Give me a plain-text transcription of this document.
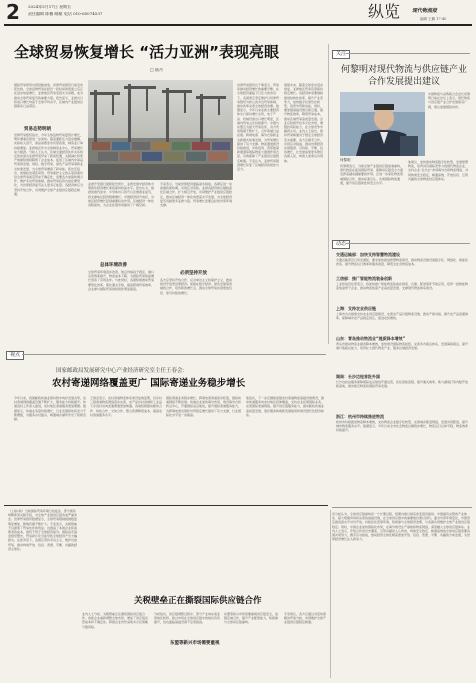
2 2024年5月17日 星期五
责任编辑 陈楠 邮箱 电话 010-65074537	纵览 现代物流报
编辑 王鹏 17:40
全球贸易恢复增长 “活力亚洲”表现亮眼
□ 陆丹
国际贸易形势出现回暖迹象。世界贸易组织日前发布报告称，全球货物贸易在经历一段时间的低迷之后正在逐步恢复增长，亚洲地区贸易表现尤为亮眼，成为推动全球贸易复苏的重要力量。报告显示，亚洲出口和进口增长均高于全球平均水平，区域内产业链供应链联系日益紧密。
贸易态势明朗
世界贸易组织指出，今年全球货物贸易量预计增长，明年增速有望进一步加快。随着通胀压力逐步缓解，实际收入回升，商品消费需求有望改善，制造业订单持续增加。亚洲地区作为全球制造业中心，贸易增长动力强劲。分析人士认为，区域全面经济伙伴关系协定的实施为亚洲贸易带来了新的机遇，关税减让和原产地累积规则降低了企业成本，促进了区域内中间品贸易的发展。同时，数字贸易、绿色产品贸易等新业态快速发展，为全球贸易增添了新动能。报告还指出，地缘政治紧张局势、贸易保护主义抬头等因素仍给全球贸易前景带来不确定性，需要各方加强协调合作，维护多边贸易体制，推动贸易投资自由化便利化，为世界经济复苏注入更多正能量。各经济体应当坚持开放合作，共同维护全球产业链供应链稳定畅通。
亚洲开发银行最新报告预计，亚洲发展中经济体今明两年经济增长率将保持较高水平。报告认为，强劲的国内需求、半导体出口回升以及旅游业复苏，将支撑地区经济稳健增长。中国经济回升向好，对地区经济增长起到重要拉动作用。区域经济一体化进程加快，为企业拓展市场提供了广阔空间。
总体环境改善
全球贸易环境逐步改善，航运价格趋于稳定，港口运营效率提升，物流成本下降，为国际贸易恢复增长创造了有利条件。与此同时，各国积极推动贸易便利化改革，简化通关手续，提高跨境贸易效率，企业参与国际贸易的积极性明显提高。
专家表示，当前世界经济面临诸多挑战，各国应进一步加强政策协调，共同应对风险。亚洲各经济体应继续深化区域合作，扩大相互开放，共同维护产业链供应链稳定，推动区域经济一体化向更高水平发展，为全球经济复苏贡献更多亚洲力量。贸易增长需要良好的外部环境支撑。
必须坚持开放
各方应坚持开放合作，反对单边主义和保护主义，推动建设开放型世界经济。加强在数字经济、绿色发展等领域的合作，培育新的增长点，推动全球贸易实现更加包容、更可持续的增长。
世界贸易组织总干事表示，贸易是推动经济增长的重要引擎。在全球经济面临下行压力的背景下，各国更应坚定维护以世界贸易组织为核心的多边贸易体制，推动改革完善全球经济治理。数据显示，今年以来亚洲主要经济体出口保持增长态势，电子产品、机械设备出口增长明显，区域内贸易占比持续提升。中国与东盟互为最大贸易伙伴，双方贸易规模不断扩大，合作领域日益拓展。跨境电商、海外仓等新业态新模式快速发展，为贸易增长提供了有力支撑。物流通道建设持续推进，中欧班列、西部陆海新通道等国际物流大通道作用凸显，有效保障了产业链供应链稳定畅通。专家认为，亚洲贸易强劲增长彰显了区域经济的韧性与活力。
展望未来，随着全球需求逐步恢复，亚洲地区贸易有望保持稳定增长。各经济体需要继续推进结构性改革，提升产业竞争力，加快数字化绿色化转型，培育外贸新动能。同时，要加强基础设施互联互通，提升物流效率，降低贸易成本，推动区域贸易高质量发展。企业应积极开拓多元化市场，增强抗风险能力，在全球竞争中赢得主动。业内人士指出，保持贸易畅通对于稳定全球经济至关重要，各方应携手合作，共同应对挑战，推动世界经济实现强劲、可持续、平衡、包容增长，让发展成果更多惠及各国人民，构建人类命运共同体。
关注
何黎明对现代物流与供应链产业合作发展提出建议
中国物流与采购联合会会长何黎明日前在论坛上表示，现代物流与供应链产业合作发展前景广阔，建议加强国际协作。
何黎明
何黎明表示，当前全球产业链供应链加速重构，现代物流在促进国际贸易、保障供应链安全方面发挥着越来越重要的作用。应进一步深化物流领域国际合作，推动标准互认，共建国际物流通道，提升供应链韧性和安全水平。
他建议，加快推动物流数字化转型，发展智慧物流，培育具有国际竞争力的现代物流企业，支持企业“走出去”布局海外仓和物流网络，共同构建安全稳定、畅通高效、开放包容、互利共赢的全球物流供应链体系。
动态
交通运输部：加快支持智慧物流建设
交通运输部近日印发通知，要求加快推进智慧物流建设，推动物流设施设备数字化、网络化、智能化改造，提升物流运行效率和服务质量，降低全社会物流成本。
工信部：推广智能物流装备创新
工业和信息化部表示，将加快推广智能物流装备在制造、仓储、配送等环节的应用，培育一批智能物流装备骨干企业，推动物流装备产业高质量发展，支撑现代物流体系建设。
上海：支持农业供应链
上海市出台措施支持农业供应链建设，完善农产品冷链物流设施，推动产销对接，提升农产品流通效率，保障城市农产品稳定供应，促进农民增收。
山东：青岛推动物流业“提质降本增效”
青岛市推动物流业提质降本增效，加快建设国际物流枢纽，完善多式联运体系，发展海铁联运，提升港口集疏运能力，培育壮大现代物流产业，服务区域经济发展。
湖南：长沙边检首批外国
长沙边检站服务保障国际货运航线开通运营，优化查验流程，提升通关效率，助力湖南打造内陆开放新高地，推动航空物流和国际贸易发展。
浙江：杭州市持续推进物流
杭州市持续推进物流降本增效，支持物流企业数字化转型，完善城乡配送网络，发展共同配送，提升城市物流服务水平。数据显示，今年以来全市社会物流总额稳步增长，物流运行总体平稳，物流效率持续提升。
视点
国家邮政局发展研究中心产业经济研究室主任王春会：
农村寄递网络覆盖更广 国际寄递业务稳步增长
今年以来，我国邮政快递业保持稳中向好发展态势，农村寄递网络覆盖范围不断扩大，服务能力持续提升。快递进村工作深入推进，农村地区寄递服务更加便捷。数据显示，快递业务量持续增长，行业发展韧性和活力不断增强，为服务乡村振兴、畅通城乡循环作出了积极贡献。
王春会表示，农村寄递物流体系建设成效显著，县乡村三级寄递物流网络逐步完善，农产品出村进城和工业品下乡进村双向流通渠道更加畅通。各地积极推动邮快合作、快快合作、交快合作，整合资源降低成本，提高农村寄递服务水平。
国际寄递业务稳步增长，跨境电商寄递需求旺盛，国际快递网络不断拓展。快递企业加快海外布局，建设海外仓和转运中心，开通国际货运航线，提升国际寄递服务能力，为跨境电商发展和外贸稳定增长提供了有力支撑，行业国际化水平进一步提高。
他指出，下一步应继续加强农村寄递物流基础设施建设，推动快递服务向农村地区延伸覆盖，支持企业拓展国际业务，完善国际寄递网络，提升供应链服务能力，推动邮政快递业高质量发展，更好服务构建新发展格局和建设现代化经济体系。
（上接1版）当前国际贸易环境日趋复杂，部分国家频繁使用关税手段，对全球产业链供应链造成严重冲击。世界贸易组织数据显示，全球贸易限制措施数量明显增加，影响范围不断扩大。专家表示，关税壁垒不仅损害了贸易伙伴的利益，也推高了本国企业和消费者的成本，最终不利于全球经济复苏。国际货币基金组织警告，贸易碎片化可能导致全球经济产出大幅损失。在此背景下，各国应坚持多边主义，维护自由贸易，推动构建开放、包容、普惠、平衡、共赢的经济全球化。
关税壁垒正在撕裂国际供应链合作
业内人士分析，关税壁垒正在撕裂国际供应链合作，迫使企业重新调整全球布局，增加了供应链运营成本和不确定性。跨国企业纷纷采取多元化策略分散风险。
分析指出，供应链调整过程中，部分产业向东南亚等地区转移，新兴市场在全球供应链中的地位有所提升，但也面临基础设施不足等挑战。
东盟等新兴市场需要重视
东盟等新兴市场需要重视供应链安全，加强区域合作，提升产业配套能力，积极参与全球供应链重构。
专家建议，各方应通过对话协商解决贸易分歧，共同维护全球产业链供应链稳定畅通。
有分析认为，全球供应链重构是一个长期过程，短期内难以彻底改变现有格局。中国拥有完整的产业体系、超大规模市场和完善的基础设施，在全球供应链中的重要地位难以替代。面对外部环境变化，中国坚定推进高水平对外开放，持续优化营商环境，积极参与全球经济治理，与各国共同维护全球产业链供应链稳定。同时，中国企业加快国际化布局，在海外建设生产基地和物流网络，深度融入全球供应链体系。业内人士表示，开放合作是历史潮流，互利共赢是人心所向，构建安全稳定、畅通高效的全球供应链需要各国共同努力，携手应对挑战，推动经济全球化朝着更加开放、包容、普惠、平衡、共赢的方向发展，为世界经济增长注入新动力。
